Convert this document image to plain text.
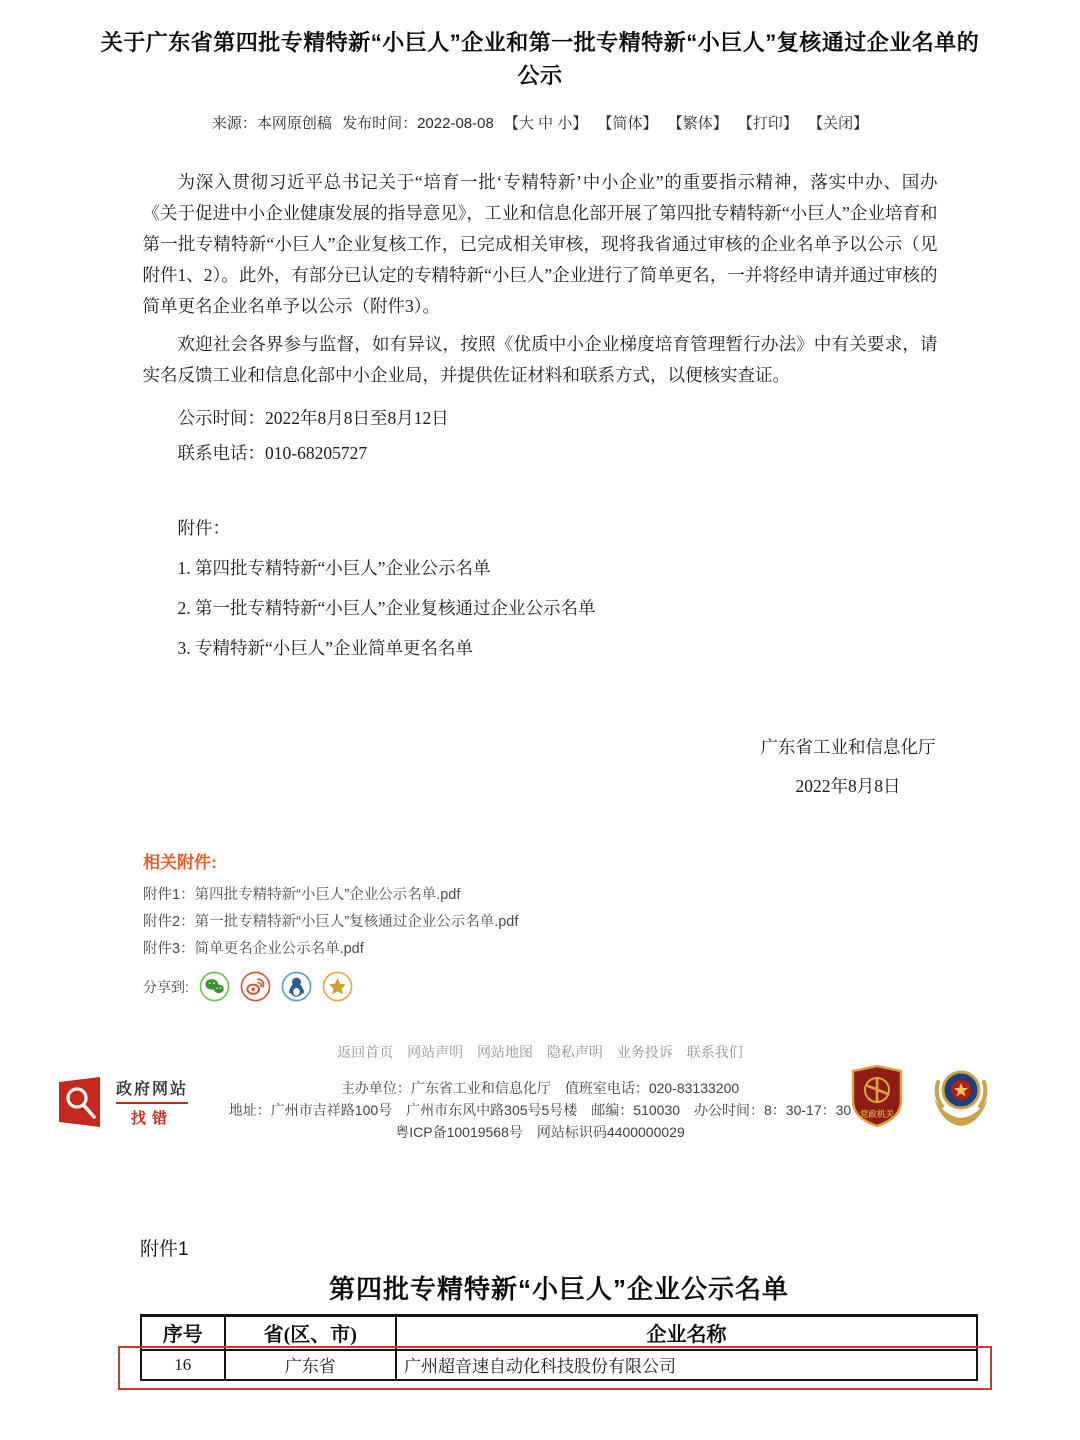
关于广东省第四批专精特新“小巨人”企业和第一批专精特新“小巨人”复核通过企业名单的公示
来源：本网原创稿 发布时间：2022-08-08 【大 中 小】 【简体】 【繁体】 【打印】 【关闭】

为深入贯彻习近平总书记关于“培育一批‘专精特新’中小企业”的重要指示精神，落实中办、国办《关于促进中小企业健康发展的指导意见》，工业和信息化部开展了第四批专精特新“小巨人”企业培育和第一批专精特新“小巨人”企业复核工作，已完成相关审核，现将我省通过审核的企业名单予以公示（见附件1、2）。此外，有部分已认定的专精特新“小巨人”企业进行了简单更名，一并将经申请并通过审核的简单更名企业名单予以公示（附件3）。

欢迎社会各界参与监督，如有异议，按照《优质中小企业梯度培育管理暂行办法》中有关要求，请实名反馈工业和信息化部中小企业局，并提供佐证材料和联系方式，以便核实查证。

公示时间：2022年8月8日至8月12日
联系电话：010-68205727
附件：
1. 第四批专精特新“小巨人”企业公示名单
2. 第一批专精特新“小巨人”企业复核通过企业公示名单
3. 专精特新“小巨人”企业简单更名名单
广东省工业和信息化厅
2022年8月8日
相关附件:
附件1：第四批专精特新“小巨人”企业公示名单.pdf
附件2：第一批专精特新“小巨人”复核通过企业公示名单.pdf
附件3：简单更名企业公示名单.pdf
分享到:
返回首页 网站声明 网站地图 隐私声明 业务投诉 联系我们
政府网站
找错
主办单位：广东省工业和信息化厅　值班室电话：020-83133200
地址：广州市吉祥路100号　广州市东风中路305号5号楼　邮编：510030　办公时间：8：30-17：30
粤ICP备10019568号　网站标识码4400000029
党政机关
附件1
第四批专精特新“小巨人”企业公示名单
序号	省(区、市)	企业名称
16	广东省	广州超音速自动化科技股份有限公司
